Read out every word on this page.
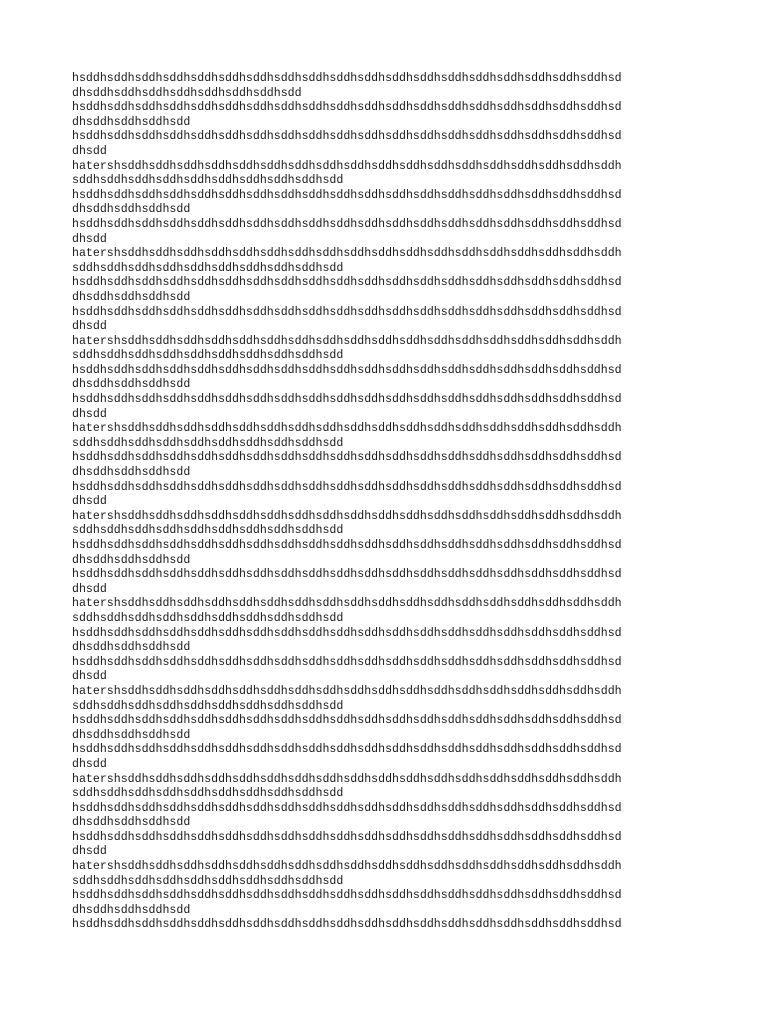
hsddhsddhsddhsddhsddhsddhsddhsddhsddhsddhsddhsddhsddhsddhsddhsddhsddhsddhsddhsd
dhsddhsddhsddhsddhsddhsddhsddhsdd
hsddhsddhsddhsddhsddhsddhsddhsddhsddhsddhsddhsddhsddhsddhsddhsddhsddhsddhsddhsd
dhsddhsddhsddhsdd
hsddhsddhsddhsddhsddhsddhsddhsddhsddhsddhsddhsddhsddhsddhsddhsddhsddhsddhsddhsd
dhsdd
hatershsddhsddhsddhsddhsddhsddhsddhsddhsddhsddhsddhsddhsddhsddhsddhsddhsddhsddh
sddhsddhsddhsddhsddhsddhsddhsddhsddhsdd
hsddhsddhsddhsddhsddhsddhsddhsddhsddhsddhsddhsddhsddhsddhsddhsddhsddhsddhsddhsd
dhsddhsddhsddhsdd
hsddhsddhsddhsddhsddhsddhsddhsddhsddhsddhsddhsddhsddhsddhsddhsddhsddhsddhsddhsd
dhsdd
hatershsddhsddhsddhsddhsddhsddhsddhsddhsddhsddhsddhsddhsddhsddhsddhsddhsddhsddh
sddhsddhsddhsddhsddhsddhsddhsddhsddhsdd
hsddhsddhsddhsddhsddhsddhsddhsddhsddhsddhsddhsddhsddhsddhsddhsddhsddhsddhsddhsd
dhsddhsddhsddhsdd
hsddhsddhsddhsddhsddhsddhsddhsddhsddhsddhsddhsddhsddhsddhsddhsddhsddhsddhsddhsd
dhsdd
hatershsddhsddhsddhsddhsddhsddhsddhsddhsddhsddhsddhsddhsddhsddhsddhsddhsddhsddh
sddhsddhsddhsddhsddhsddhsddhsddhsddhsdd
hsddhsddhsddhsddhsddhsddhsddhsddhsddhsddhsddhsddhsddhsddhsddhsddhsddhsddhsddhsd
dhsddhsddhsddhsdd
hsddhsddhsddhsddhsddhsddhsddhsddhsddhsddhsddhsddhsddhsddhsddhsddhsddhsddhsddhsd
dhsdd
hatershsddhsddhsddhsddhsddhsddhsddhsddhsddhsddhsddhsddhsddhsddhsddhsddhsddhsddh
sddhsddhsddhsddhsddhsddhsddhsddhsddhsdd
hsddhsddhsddhsddhsddhsddhsddhsddhsddhsddhsddhsddhsddhsddhsddhsddhsddhsddhsddhsd
dhsddhsddhsddhsdd
hsddhsddhsddhsddhsddhsddhsddhsddhsddhsddhsddhsddhsddhsddhsddhsddhsddhsddhsddhsd
dhsdd
hatershsddhsddhsddhsddhsddhsddhsddhsddhsddhsddhsddhsddhsddhsddhsddhsddhsddhsddh
sddhsddhsddhsddhsddhsddhsddhsddhsddhsdd
hsddhsddhsddhsddhsddhsddhsddhsddhsddhsddhsddhsddhsddhsddhsddhsddhsddhsddhsddhsd
dhsddhsddhsddhsdd
hsddhsddhsddhsddhsddhsddhsddhsddhsddhsddhsddhsddhsddhsddhsddhsddhsddhsddhsddhsd
dhsdd
hatershsddhsddhsddhsddhsddhsddhsddhsddhsddhsddhsddhsddhsddhsddhsddhsddhsddhsddh
sddhsddhsddhsddhsddhsddhsddhsddhsddhsdd
hsddhsddhsddhsddhsddhsddhsddhsddhsddhsddhsddhsddhsddhsddhsddhsddhsddhsddhsddhsd
dhsddhsddhsddhsdd
hsddhsddhsddhsddhsddhsddhsddhsddhsddhsddhsddhsddhsddhsddhsddhsddhsddhsddhsddhsd
dhsdd
hatershsddhsddhsddhsddhsddhsddhsddhsddhsddhsddhsddhsddhsddhsddhsddhsddhsddhsddh
sddhsddhsddhsddhsddhsddhsddhsddhsddhsdd
hsddhsddhsddhsddhsddhsddhsddhsddhsddhsddhsddhsddhsddhsddhsddhsddhsddhsddhsddhsd
dhsddhsddhsddhsdd
hsddhsddhsddhsddhsddhsddhsddhsddhsddhsddhsddhsddhsddhsddhsddhsddhsddhsddhsddhsd
dhsdd
hatershsddhsddhsddhsddhsddhsddhsddhsddhsddhsddhsddhsddhsddhsddhsddhsddhsddhsddh
sddhsddhsddhsddhsddhsddhsddhsddhsddhsdd
hsddhsddhsddhsddhsddhsddhsddhsddhsddhsddhsddhsddhsddhsddhsddhsddhsddhsddhsddhsd
dhsddhsddhsddhsdd
hsddhsddhsddhsddhsddhsddhsddhsddhsddhsddhsddhsddhsddhsddhsddhsddhsddhsddhsddhsd
dhsdd
hatershsddhsddhsddhsddhsddhsddhsddhsddhsddhsddhsddhsddhsddhsddhsddhsddhsddhsddh
sddhsddhsddhsddhsddhsddhsddhsddhsddhsdd
hsddhsddhsddhsddhsddhsddhsddhsddhsddhsddhsddhsddhsddhsddhsddhsddhsddhsddhsddhsd
dhsddhsddhsddhsdd
hsddhsddhsddhsddhsddhsddhsddhsddhsddhsddhsddhsddhsddhsddhsddhsddhsddhsddhsddhsd
